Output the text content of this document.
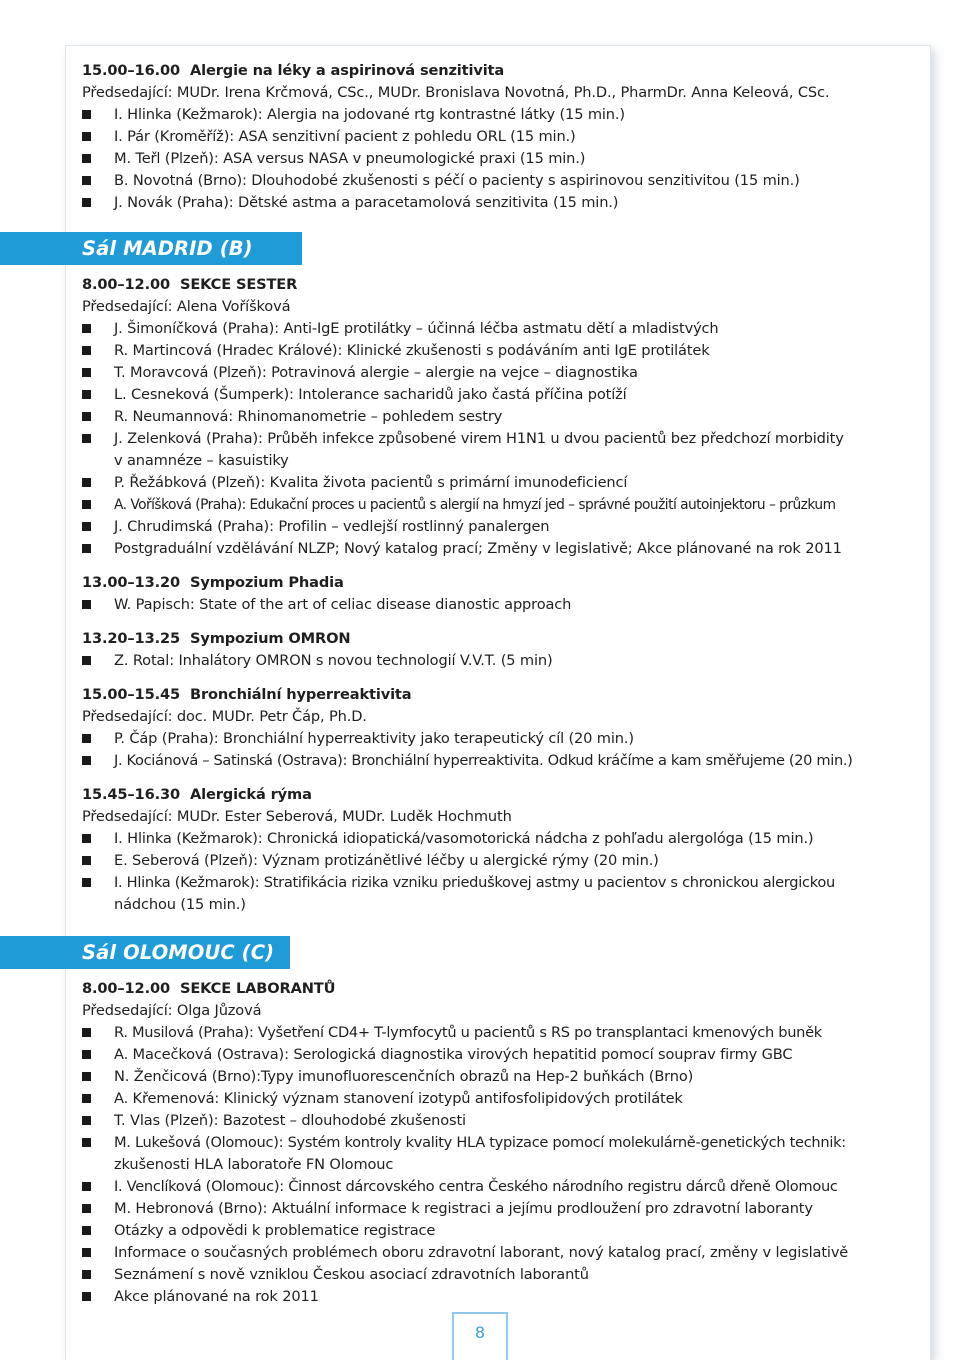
15.00–16.00 Alergie na léky a aspirinová senzitivita
Předsedající: MUDr. Irena Krčmová, CSc., MUDr. Bronislava Novotná, Ph.D., PharmDr. Anna Keleová, CSc.
I. Hlinka (Kežmarok): Alergia na jodované rtg kontrastné látky (15 min.)
I. Pár (Kroměříž): ASA senzitivní pacient z pohledu ORL (15 min.)
M. Teřl (Plzeň): ASA versus NASA v pneumologické praxi (15 min.)
B. Novotná (Brno): Dlouhodobé zkušenosti s péčí o pacienty s aspirinovou senzitivitou (15 min.)
J. Novák (Praha): Dětské astma a paracetamolová senzitivita (15 min.)
Sál MADRID (B)
8.00–12.00 SEKCE SESTER
Předsedající: Alena Voříšková
J. Šimoníčková (Praha): Anti-IgE protilátky – účinná léčba astmatu dětí a mladistvých
R. Martincová (Hradec Králové): Klinické zkušenosti s podáváním anti IgE protilátek
T. Moravcová (Plzeň): Potravinová alergie – alergie na vejce – diagnostika
L. Cesneková (Šumperk): Intolerance sacharidů jako častá příčina potíží
R. Neumannová: Rhinomanometrie – pohledem sestry
J. Zelenková (Praha): Průběh infekce způsobené virem H1N1 u dvou pacientů bez předchozí morbidity
v anamnéze – kasuistiky
P. Řežábková (Plzeň): Kvalita života pacientů s primární imunodeficiencí
A. Voříšková (Praha): Edukační proces u pacientů s alergií na hmyzí jed – správné použití autoinjektoru – průzkum
J. Chrudimská (Praha): Profilin – vedlejší rostlinný panalergen
Postgraduální vzdělávání NLZP; Nový katalog prací; Změny v legislativě; Akce plánované na rok 2011
13.00–13.20 Sympozium Phadia
W. Papisch: State of the art of celiac disease dianostic approach
13.20–13.25 Sympozium OMRON
Z. Rotal: Inhalátory OMRON s novou technologií V.V.T. (5 min)
15.00–15.45 Bronchiální hyperreaktivita
Předsedající: doc. MUDr. Petr Čáp, Ph.D.
P. Čáp (Praha): Bronchiální hyperreaktivity jako terapeutický cíl (20 min.)
J. Kociánová – Satinská (Ostrava): Bronchiální hyperreaktivita. Odkud kráčíme a kam směřujeme (20 min.)
15.45–16.30 Alergická rýma
Předsedající: MUDr. Ester Seberová, MUDr. Luděk Hochmuth
I. Hlinka (Kežmarok): Chronická idiopatická/vasomotorická nádcha z pohľadu alergológa (15 min.)
E. Seberová (Plzeň): Význam protizánětlivé léčby u alergické rýmy (20 min.)
I. Hlinka (Kežmarok): Stratifikácia rizika vzniku prieduškovej astmy u pacientov s chronickou alergickou
nádchou (15 min.)
Sál OLOMOUC (C)
8.00–12.00 SEKCE LABORANTŮ
Předsedající: Olga Jůzová
R. Musilová (Praha): Vyšetření CD4+ T-lymfocytů u pacientů s RS po transplantaci kmenových buněk
A. Macečková (Ostrava): Serologická diagnostika virových hepatitid pomocí souprav firmy GBC
N. Ženčicová (Brno):Typy imunofluorescenčních obrazů na Hep-2 buňkách (Brno)
A. Křemenová: Klinický význam stanovení izotypů antifosfolipidových protilátek
T. Vlas (Plzeň): Bazotest – dlouhodobé zkušenosti
M. Lukešová (Olomouc): Systém kontroly kvality HLA typizace pomocí molekulárně-genetických technik:
zkušenosti HLA laboratoře FN Olomouc
I. Venclíková (Olomouc): Činnost dárcovského centra Českého národního registru dárců dřeně Olomouc
M. Hebronová (Brno): Aktuální informace k registraci a jejímu prodloužení pro zdravotní laboranty
Otázky a odpovědi k problematice registrace
Informace o současných problémech oboru zdravotní laborant, nový katalog prací, změny v legislativě
Seznámení s nově vzniklou Českou asociací zdravotních laborantů
Akce plánované na rok 2011
8
